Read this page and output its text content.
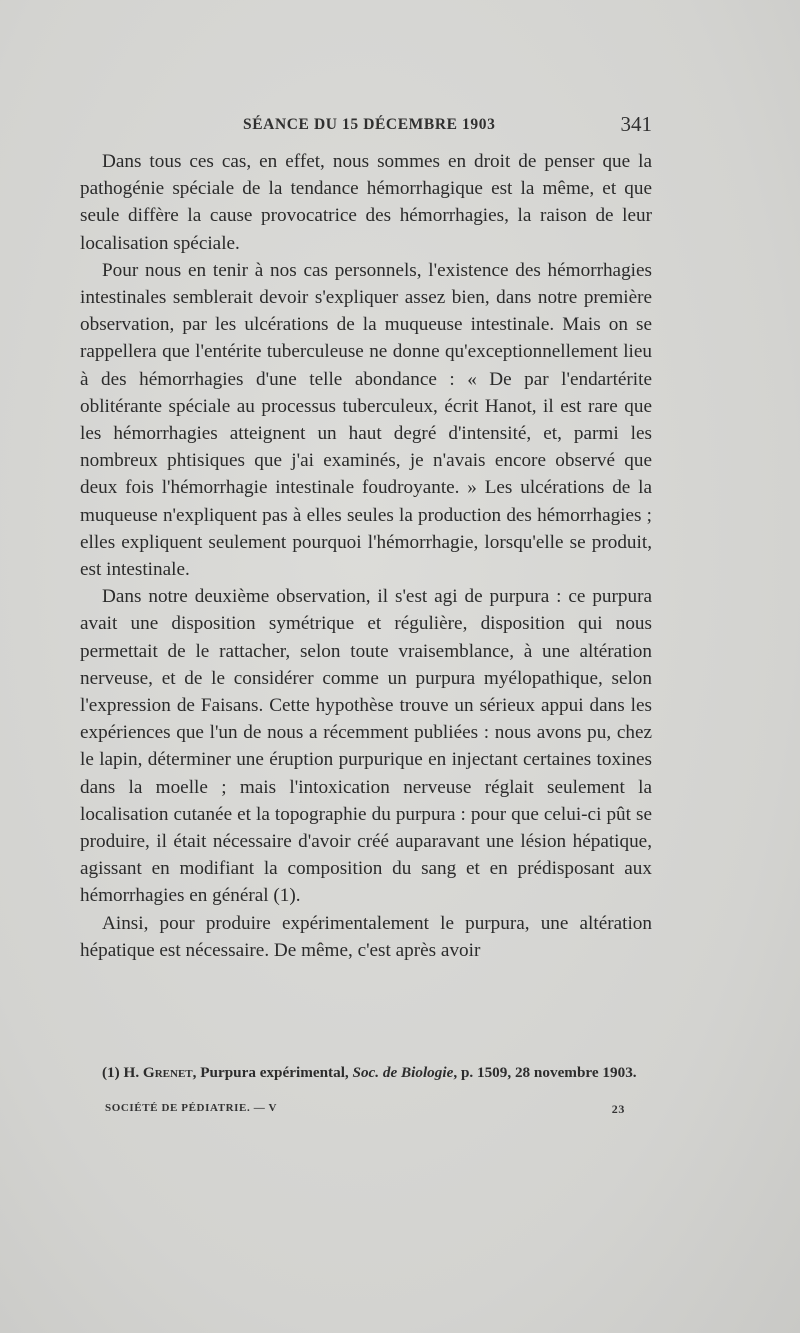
SÉANCE DU 15 DÉCEMBRE 1903	341

Dans tous ces cas, en effet, nous sommes en droit de penser que la pathogénie spéciale de la tendance hémorrhagique est la même, et que seule diffère la cause provocatrice des hémorrhagies, la raison de leur localisation spéciale.

Pour nous en tenir à nos cas personnels, l'existence des hémorrhagies intestinales semblerait devoir s'expliquer assez bien, dans notre première observation, par les ulcérations de la muqueuse intestinale. Mais on se rappellera que l'entérite tuberculeuse ne donne qu'exceptionnellement lieu à des hémorrhagies d'une telle abondance : « De par l'endartérite oblitérante spéciale au processus tuberculeux, écrit Hanot, il est rare que les hémorrhagies atteignent un haut degré d'intensité, et, parmi les nombreux phtisiques que j'ai examinés, je n'avais encore observé que deux fois l'hémorrhagie intestinale foudroyante. » Les ulcérations de la muqueuse n'expliquent pas à elles seules la production des hémorrhagies ; elles expliquent seulement pourquoi l'hémorrhagie, lorsqu'elle se produit, est intestinale.

Dans notre deuxième observation, il s'est agi de purpura : ce purpura avait une disposition symétrique et régulière, disposition qui nous permettait de le rattacher, selon toute vraisemblance, à une altération nerveuse, et de le considérer comme un purpura myélopathique, selon l'expression de Faisans. Cette hypothèse trouve un sérieux appui dans les expériences que l'un de nous a récemment publiées : nous avons pu, chez le lapin, déterminer une éruption purpurique en injectant certaines toxines dans la moelle ; mais l'intoxication nerveuse réglait seulement la localisation cutanée et la topographie du purpura : pour que celui-ci pût se produire, il était nécessaire d'avoir créé auparavant une lésion hépatique, agissant en modifiant la composition du sang et en prédisposant aux hémorrhagies en général (1).

Ainsi, pour produire expérimentalement le purpura, une altération hépatique est nécessaire. De même, c'est après avoir

(1) H. Grenet, Purpura expérimental, Soc. de Biologie, p. 1509, 28 novembre 1903.
SOCIÉTÉ DE PÉDIATRIE. — V	23
